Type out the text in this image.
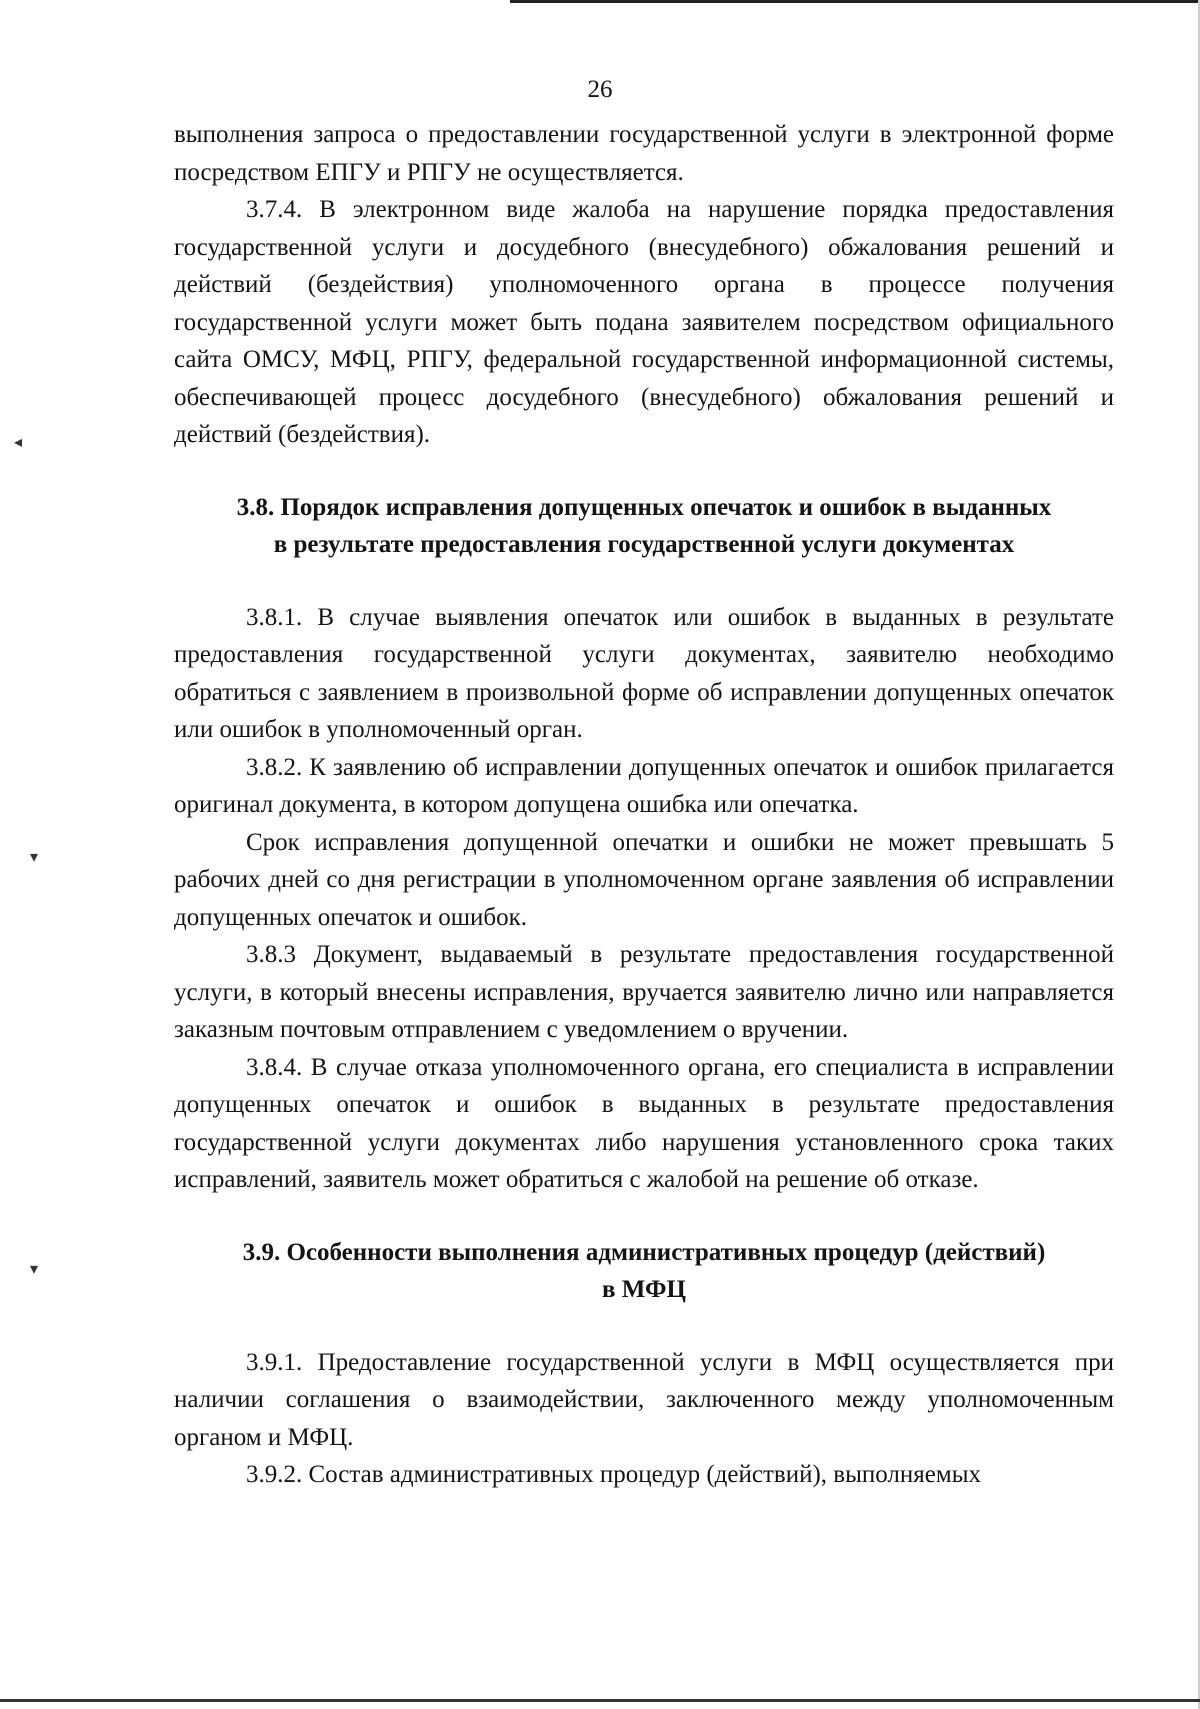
◂
▾
▾
26

выполнения запроса о предоставлении государственной услуги в электронной форме посредством ЕПГУ и РПГУ не осуществляется.

3.7.4. В электронном виде жалоба на нарушение порядка предоставления государственной услуги и досудебного (внесудебного) обжалования решений и действий (бездействия) уполномоченного органа в процессе получения государственной услуги может быть подана заявителем посредством официального сайта ОМСУ, МФЦ, РПГУ, федеральной государственной информационной системы, обеспечивающей процесс досудебного (внесудебного) обжалования решений и действий (бездействия).

3.8. Порядок исправления допущенных опечаток и ошибок в выданных
в результате предоставления государственной услуги документах

3.8.1. В случае выявления опечаток или ошибок в выданных в результате предоставления государственной услуги документах, заявителю необходимо обратиться с заявлением в произвольной форме об исправлении допущенных опечаток или ошибок в уполномоченный орган.

3.8.2. К заявлению об исправлении допущенных опечаток и ошибок прилагается оригинал документа, в котором допущена ошибка или опечатка.

Срок исправления допущенной опечатки и ошибки не может превышать 5 рабочих дней со дня регистрации в уполномоченном органе заявления об исправлении допущенных опечаток и ошибок.

3.8.3 Документ, выдаваемый в результате предоставления государственной услуги, в который внесены исправления, вручается заявителю лично или направляется заказным почтовым отправлением с уведомлением о вручении.

3.8.4. В случае отказа уполномоченного органа, его специалиста в исправлении допущенных опечаток и ошибок в выданных в результате предоставления государственной услуги документах либо нарушения установленного срока таких исправлений, заявитель может обратиться с жалобой на решение об отказе.

3.9. Особенности выполнения административных процедур (действий)
в МФЦ

3.9.1. Предоставление государственной услуги в МФЦ осуществляется при наличии соглашения о взаимодействии, заключенного между уполномоченным органом и МФЦ.

3.9.2. Состав административных процедур (действий), выполняемых
